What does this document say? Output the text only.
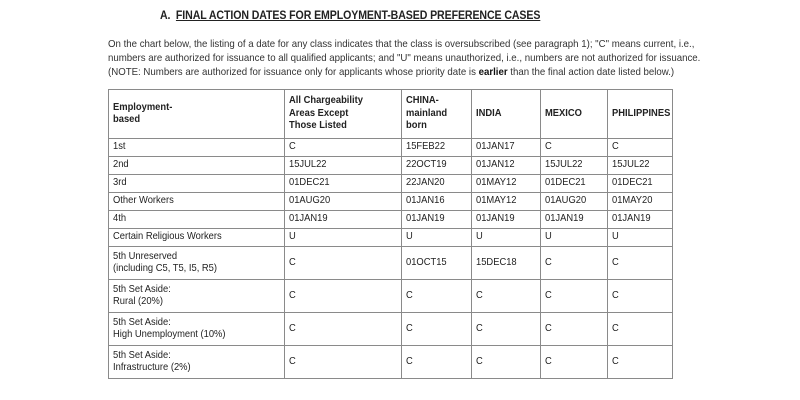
A. FINAL ACTION DATES FOR EMPLOYMENT-BASED PREFERENCE CASES

On the chart below, the listing of a date for any class indicates that the class is oversubscribed (see paragraph 1); "C" means current, i.e.,

numbers are authorized for issuance to all qualified applicants; and "U" means unauthorized, i.e., numbers are not authorized for issuance.

(NOTE: Numbers are authorized for issuance only for applicants whose priority date is earlier than the final action date listed below.)

Employment-
based	All Chargeability
Areas Except
Those Listed	CHINA-
mainland
born	INDIA	MEXICO	PHILIPPINES
1st	C	15FEB22	01JAN17	C	C
2nd	15JUL22	22OCT19	01JAN12	15JUL22	15JUL22
3rd	01DEC21	22JAN20	01MAY12	01DEC21	01DEC21
Other Workers	01AUG20	01JAN16	01MAY12	01AUG20	01MAY20
4th	01JAN19	01JAN19	01JAN19	01JAN19	01JAN19
Certain Religious Workers	U	U	U	U	U
5th Unreserved
(including C5, T5, I5, R5)	C	01OCT15	15DEC18	C	C
5th Set Aside:
Rural (20%)	C	C	C	C	C
5th Set Aside:
High Unemployment (10%)	C	C	C	C	C
5th Set Aside:
Infrastructure (2%)	C	C	C	C	C
